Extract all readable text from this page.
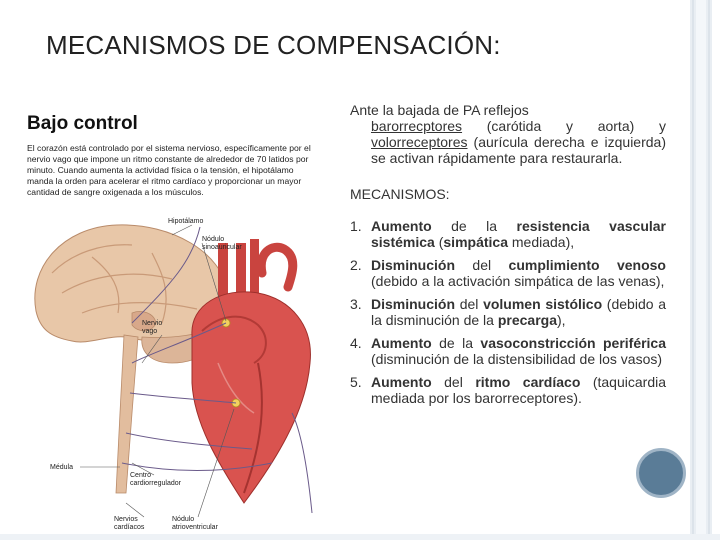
MECANISMOS DE COMPENSACIÓN:
Bajo control
El corazón está controlado por el sistema nervioso, específicamente por el nervio vago que impone un ritmo constante de alrededor de 70 latidos por minuto. Cuando aumenta la actividad física o la tensión, el hipotálamo manda la orden para acelerar el ritmo cardíaco y proporcionar un mayor cantidad de sangre oxigenada a los músculos.
Hipotálamo
Nódulo
sinoauricular
Nervio
vago
Médula
Centro
cardiorregulador
Nervios
cardíacos
Nódulo
atrioventricular

Ante la bajada de PA reflejos
barorrecptores (carótida y aorta) y volorreceptores (aurícula derecha e izquierda) se activan rápidamente para restaurarla.

MECANISMOS:
1. Aumento de la resistencia vascular sistémica (simpática mediada),
2. Disminución del cumplimiento venoso (debido a la activación simpática de las venas),
3. Disminución del volumen sistólico (debido a la disminución de la precarga),
4. Aumento de la vasoconstricción periférica (disminución de la distensibilidad de los vasos)
5. Aumento del ritmo cardíaco (taquicardia mediada por los barorreceptores).
